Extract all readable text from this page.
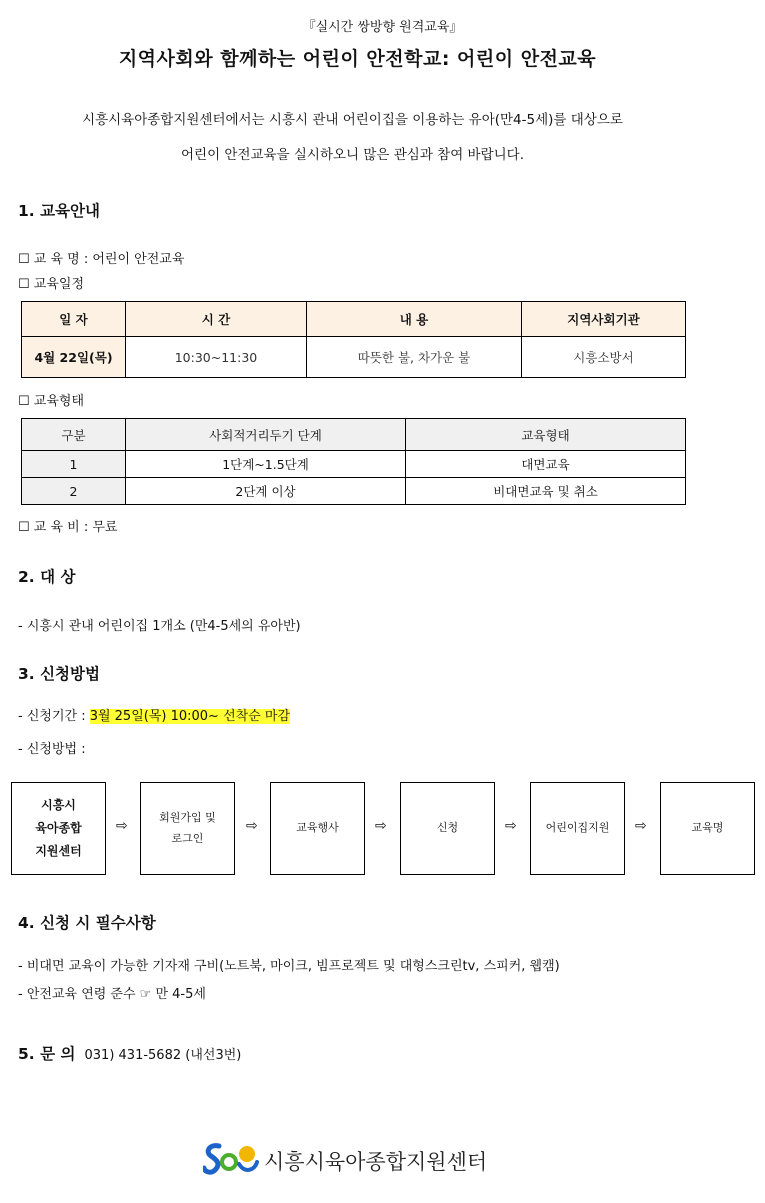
『실시간 쌍방향 원격교육』
지역사회와 함께하는 어린이 안전학교: 어린이 안전교육
시흥시육아종합지원센터에서는 시흥시 관내 어린이집을 이용하는 유아(만4-5세)를 대상으로
어린이 안전교육을 실시하오니 많은 관심과 참여 바랍니다.
1. 교육안내
☐ 교 육 명 : 어린이 안전교육
☐ 교육일정
일 자	시 간	내 용	지역사회기관
4월 22일(목)	10:30~11:30	따뜻한 불, 차가운 불	시흥소방서
☐ 교육형태
구분	사회적거리두기 단계	교육형태
1	1단계~1.5단계	대면교육
2	2단계 이상	비대면교육 및 취소
☐ 교 육 비 : 무료
2. 대 상
- 시흥시 관내 어린이집 1개소 (만4-5세의 유아반)
3. 신청방법
- 신청기간 : 3월 25일(목) 10:00~ 선착순 마감
- 신청방법 :
시흥시
육아종합
지원센터
⇨
회원가입 및
로그인
⇨	교육행사	⇨	신청	⇨	어린이집지원	⇨	교육명
4. 신청 시 필수사항
- 비대면 교육이 가능한 기자재 구비(노트북, 마이크, 빔프로젝트 및 대형스크린tv, 스피커, 웹캠)
- 안전교육 연령 준수 ☞ 만 4-5세
5. 문 의 031) 431-5682 (내선3번)
시흥시육아종합지원센터
